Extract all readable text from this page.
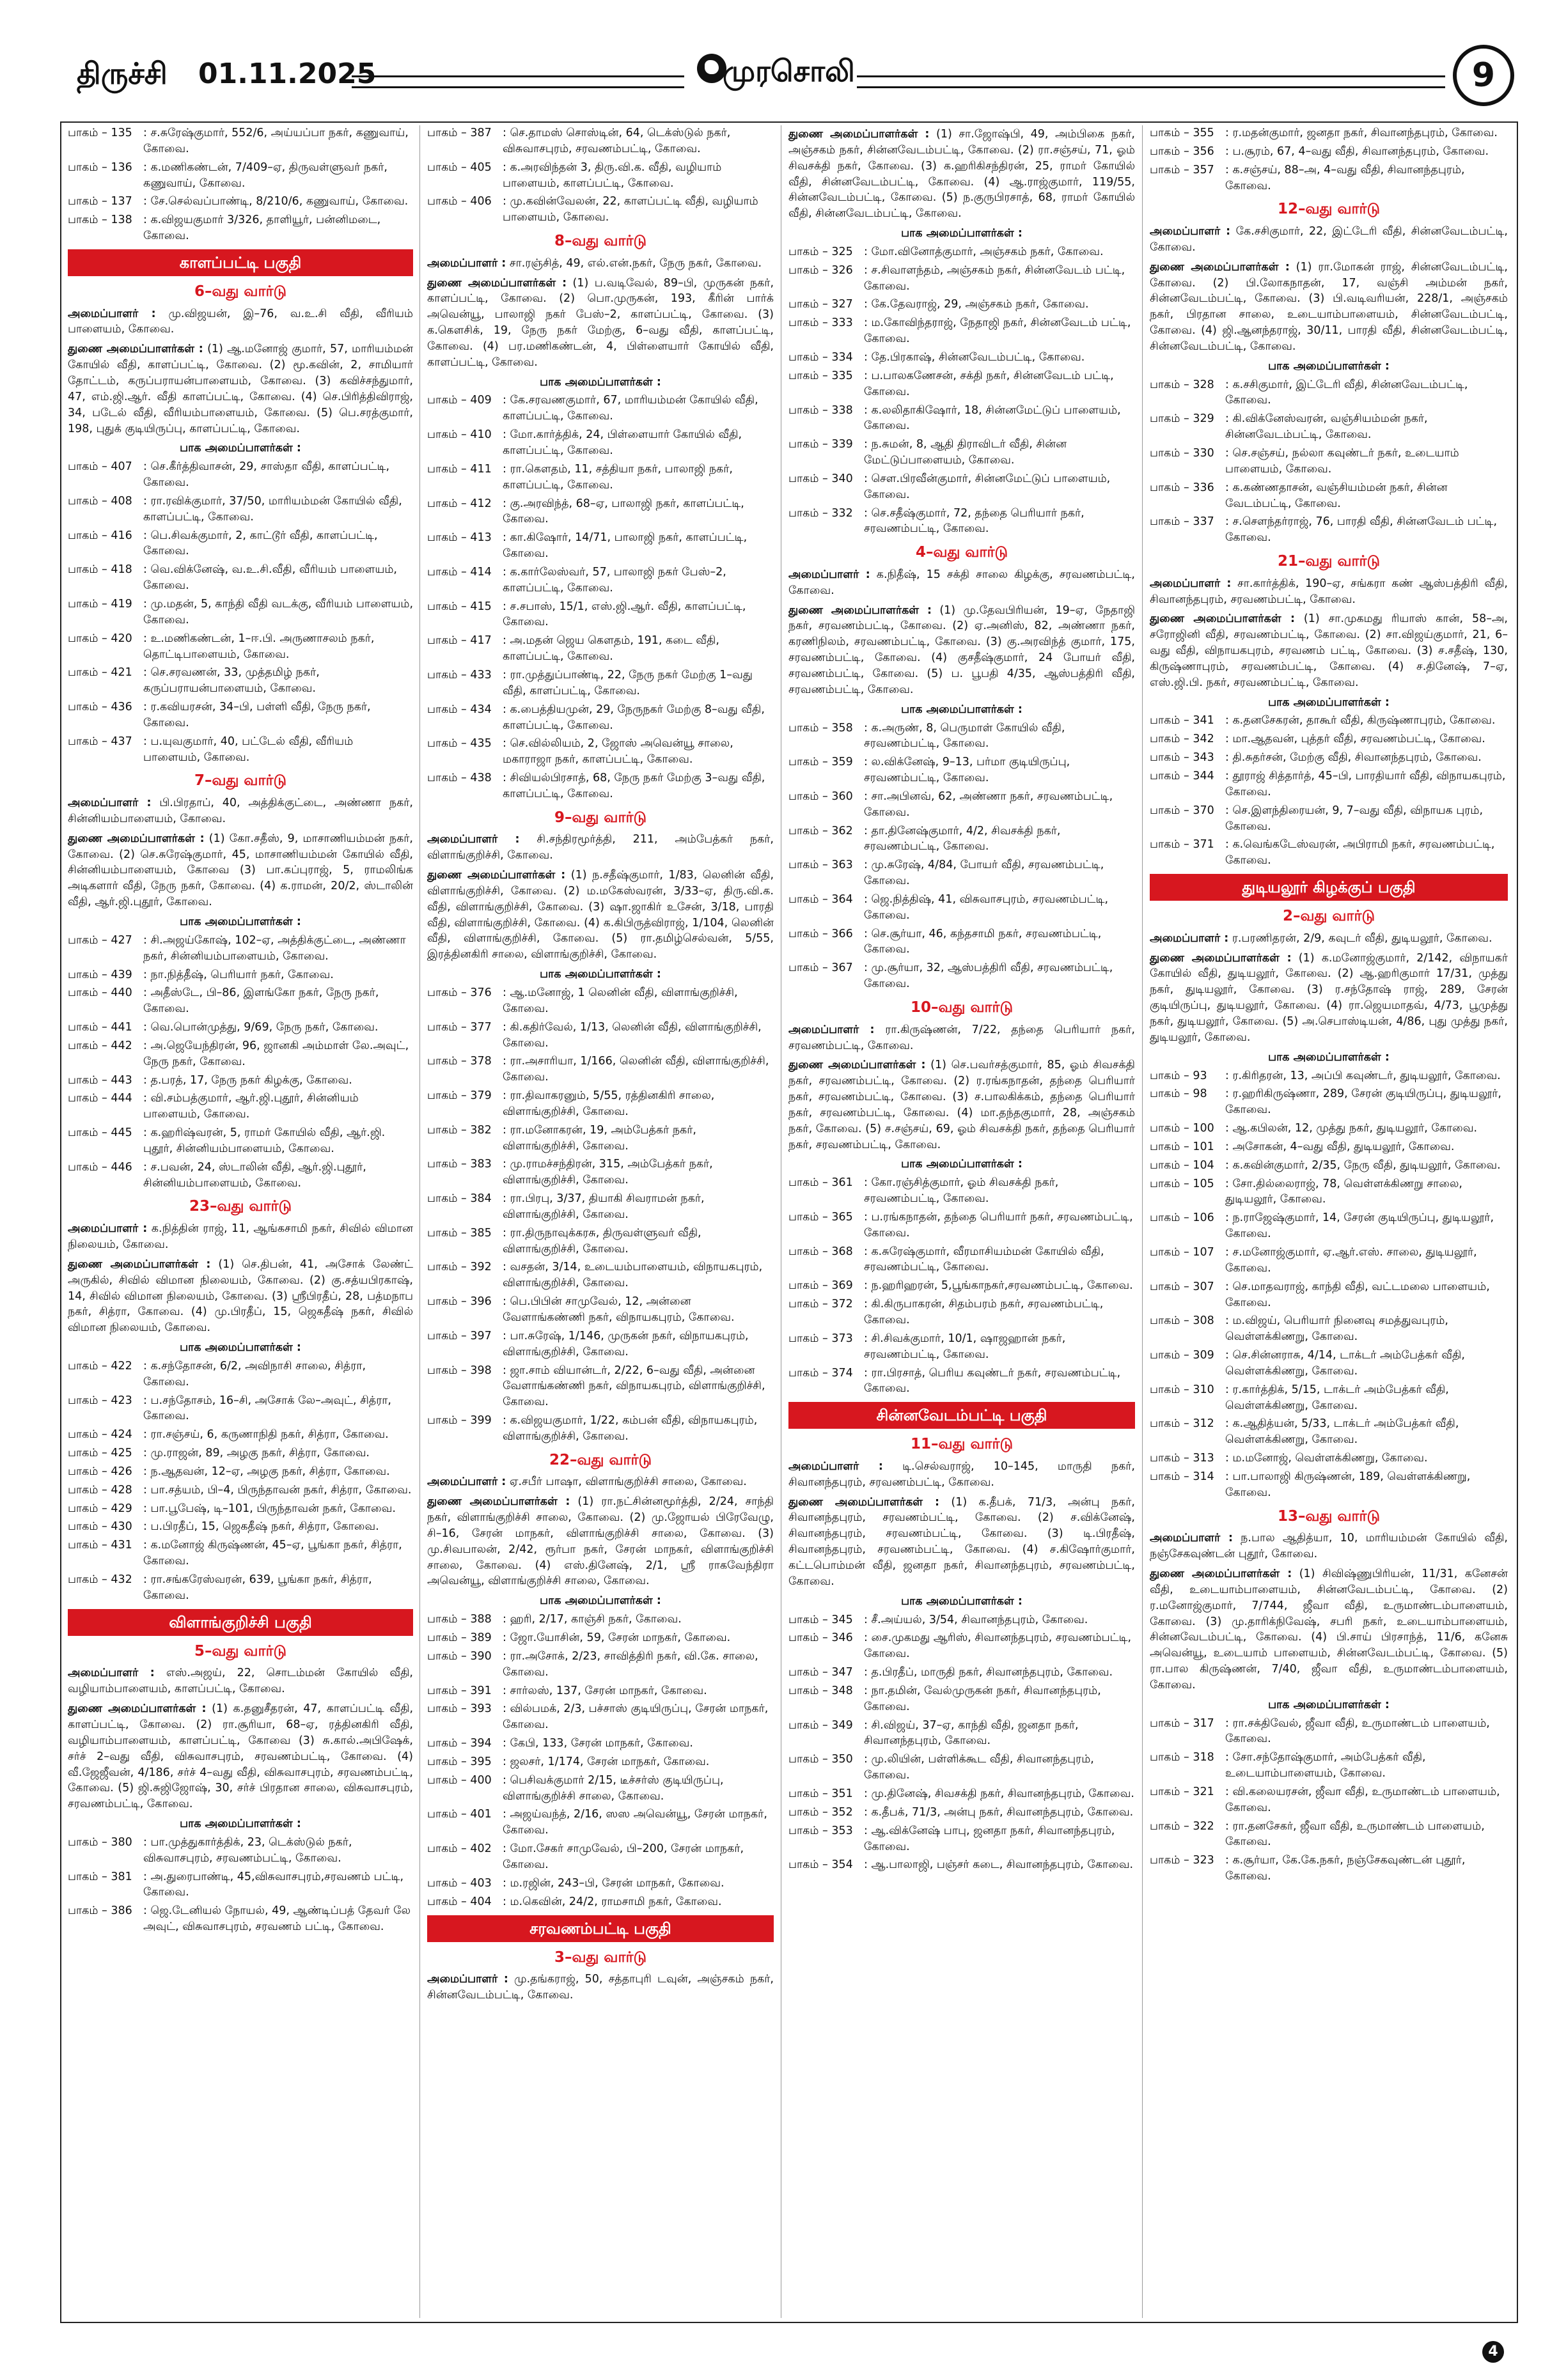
திருச்சி 01.11.2025	முரசொலி	9
பாகம் – 135 : ச.சுரேஷ்குமார், 552/6, அய்யப்பா நகர், கணுவாய், கோவை.
பாகம் – 136 : க.மணிகண்டன், 7/409–ஏ, திருவள்ளுவர் நகர், கணுவாய், கோவை.
பாகம் – 137 : சே.செல்வப்பாண்டி, 8/210/6, கணுவாய், கோவை.
பாகம் – 138 : க.விஜயகுமார் 3/326, தாளியூர், பன்னிமடை, கோவை.
காளப்பட்டி பகுதி
6–வது வார்டு
அமைப்பாளர் : மு.விஜயன், இ–76, வ.உ.சி வீதி, வீரியம் பாளையம், கோவை.
துணை அமைப்பாளர்கள் : (1) ஆ.மனோஜ் குமார், 57, மாரியம்மன் கோயில் வீதி, காளப்பட்டி, கோவை. (2) மூ.கவின், 2, சாமியார் தோட்டம், கருப்பராயன்பாளையம், கோவை. (3) கவிச்சந்துமார், 47, எம்.ஜி.ஆர். வீதி காளப்பட்டி, கோவை. (4) செ.பிரித்திவிராஜ், 34, படேல் வீதி, வீரியம்பாளையம், கோவை. (5) பெ.சரத்குமார், 198, புதுக் குடியிருப்பு, காளப்பட்டி, கோவை.
பாக அமைப்பாளர்கள் :
பாகம் – 407 : செ.கீர்த்திவாசன், 29, சாஸ்தா வீதி, காளப்பட்டி, கோவை.
பாகம் – 408 : ரா.ரவிக்குமார், 37/50, மாரியம்மன் கோயில் வீதி, காளப்பட்டி, கோவை.
பாகம் – 416 : பெ.சிவக்குமார், 2, காட்டூர் வீதி, காளப்பட்டி, கோவை.
பாகம் – 418 : வெ.விக்னேஷ், வ.உ.சி.வீதி, வீரியம் பாளையம், கோவை.
பாகம் – 419 : மு.மதன், 5, காந்தி வீதி வடக்கு, வீரியம் பாளையம், கோவை.
பாகம் – 420 : உ.மணிகண்டன், 1–ஈ.பி. அருணாசலம் நகர், தொட்டிபாளையம், கோவை.
பாகம் – 421 : செ.சரவணன், 33, முத்தமிழ் நகர், கருப்பராயன்பாளையம், கோவை.
பாகம் – 436 : ர.கவியரசன், 34–பி, பள்ளி வீதி, நேரு நகர், கோவை.
பாகம் – 437 : ப.யுவகுமார், 40, பட்டேல் வீதி, வீரியம் பாளையம், கோவை.
7–வது வார்டு
அமைப்பாளர் : பி.பிரதாப், 40, அத்திக்குட்டை, அண்ணா நகர், சின்னியம்பாளையம், கோவை.
துணை அமைப்பாளர்கள் : (1) கோ.சதீஸ், 9, மாசாணியம்மன் நகர், கோவை. (2) செ.சுரேஷ்குமார், 45, மாசாணியம்மன் கோயில் வீதி, சின்னியம்பாளையம், கோவை (3) பா.கப்புராஜ், 5, ராமலிங்க அடிகளார் வீதி, நேரு நகர், கோவை. (4) க.ராமன், 20/2, ஸ்டாலின் வீதி, ஆர்.ஜி.புதூர், கோவை.
பாக அமைப்பாளர்கள் :
பாகம் – 427 : சி.அஜய்கோஷ், 102–ஏ, அத்திக்குட்டை, அண்ணா நகர், சின்னியம்பாளையம், கோவை.
பாகம் – 439 : நா.நித்தீஷ், பெரியார் நகர், கோவை.
பாகம் – 440 : அதீஸ்டே, பி–86, இளங்கோ நகர், நேரு நகர், கோவை.
பாகம் – 441 : வெ.பொன்முத்து, 9/69, நேரு நகர், கோவை.
பாகம் – 442 : அ.ஜெயேந்திரன், 96, ஜானகி அம்மாள் லே.அவுட், நேரு நகர், கோவை.
பாகம் – 443 : த.பரத், 17, நேரு நகர் கிழக்கு, கோவை.
பாகம் – 444 : வி.சம்பத்குமார், ஆர்.ஜி.புதூர், சின்னியம் பாளையம், கோவை.
பாகம் – 445 : க.ஹரிஷ்வரன், 5, ராமர் கோயில் வீதி, ஆர்.ஜி. புதூர், சின்னியம்பாளையம், கோவை.
பாகம் – 446 : ச.பவன், 24, ஸ்டாலின் வீதி, ஆர்.ஜி.புதூர், சின்னியம்பாளையம், கோவை.
23–வது வார்டு
அமைப்பாளர் : க.நித்தின் ராஜ், 11, ஆங்கசாமி நகர், சிவில் விமான நிலையம், கோவை.
துணை அமைப்பாளர்கள் : (1) செ.திபன், 41, அசோக் லேண்ட் அருகில், சிவில் விமான நிலையம், கோவை. (2) கு.சத்யபிரகாஷ், 14, சிவில் விமான நிலையம், கோவை. (3) ஸ்ரீபிரதீப், 28, பத்மநாப நகர், சித்ரா, கோவை. (4) மு.பிரதீப், 15, ஜெகதீஷ் நகர், சிவில் விமான நிலையம், கோவை.
பாக அமைப்பாளர்கள் :
பாகம் – 422 : க.சந்தோசன், 6/2, அவிநாசி சாலை, சித்ரா, கோவை.
பாகம் – 423 : ப.சந்தோசம், 16–சி, அசோக் லே–அவுட், சித்ரா, கோவை.
பாகம் – 424 : ரா.சஞ்சய், 6, கருணாநிதி நகர், சித்ரா, கோவை.
பாகம் – 425 : மு.ராஜன், 89, அழகு நகர், சித்ரா, கோவை.
பாகம் – 426 : ந.ஆதவன், 12–ஏ, அழகு நகர், சித்ரா, கோவை.
பாகம் – 428 : பா.சத்யம், பி–4, பிருந்தாவன் நகர், சித்ரா, கோவை.
பாகம் – 429 : பா.பூபேஷ், டி–101, பிருந்தாவன் நகர், கோவை.
பாகம் – 430 : ப.பிரதீப், 15, ஜெகதீஷ் நகர், சித்ரா, கோவை.
பாகம் – 431 : க.மனோஜ் கிருஷ்ணன், 45–ஏ, பூங்கா நகர், சித்ரா, கோவை.
பாகம் – 432 : ரா.சங்கரேஸ்வரன், 639, பூங்கா நகர், சித்ரா, கோவை.
விளாங்குறிச்சி பகுதி
5–வது வார்டு
அமைப்பாளர் : எஸ்.அஜய், 22, சொடம்மன் கோயில் வீதி, வழியாம்பாளையம், காளப்பட்டி, கோவை.
துணை அமைப்பாளர்கள் : (1) க.தனுசீதரன், 47, காளப்பட்டி வீதி, காளப்பட்டி, கோவை. (2) ரா.சூரியா, 68–ஏ, ரத்தினகிரி வீதி, வழியாம்பாளையம், காளப்பட்டி, கோவை (3) சு.கால்.அபிஷேக், சர்ச் 2–வது வீதி, விசுவாசபுரம், சரவணம்பட்டி, கோவை. (4) வீ.ஜேஜீவன், 4/186, சர்ச் 4–வது வீதி, விசுவாசபுரம், சரவணம்பட்டி, கோவை. (5) ஜி.சுஜிஜோஷ், 30, சர்ச் பிரதான சாலை, விசுவாசபுரம், சரவணம்பட்டி, கோவை.
பாக அமைப்பாளர்கள் :
பாகம் – 380 : பா.முத்துகார்த்திக், 23, டெக்ஸ்டுல் நகர், விசுவாசபுரம், சரவணம்பட்டி, கோவை.
பாகம் – 381 : அ.துரைபாண்டி, 45,விசுவாசபுரம்,சரவணம் பட்டி, கோவை.
பாகம் – 386 : ஜெ.டேனியல் நோயல், 49, ஆண்டிப்பத் தேவர் லே அவுட், விசுவாசபுரம், சரவணம் பட்டி, கோவை.
பாகம் – 387 : செ.தாமஸ் சொஸ்டின், 64, டெக்ஸ்டுல் நகர், விசுவாசபுரம், சரவணம்பட்டி, கோவை.
பாகம் – 405 : க.அரவிந்தன் 3, திரு.வி.க. வீதி, வழியாம் பாளையம், காளப்பட்டி, கோவை.
பாகம் – 406 : மு.கவின்வேலன், 22, காளப்பட்டி வீதி, வழியாம் பாளையம், கோவை.
8–வது வார்டு
அமைப்பாளர் : சா.ரஞ்சித், 49, எல்.என்.நகர், நேரு நகர், கோவை.
துணை அமைப்பாளர்கள் : (1) ப.வடிவேல், 89–பி, முருகன் நகர், காளப்பட்டி, கோவை. (2) பொ.முருகன், 193, கீரின் பார்க் அவென்யூ, பாலாஜி நகர் பேஸ்–2, காளப்பட்டி, கோவை. (3) க.கௌசிக், 19, நேரு நகர் மேற்கு, 6–வது வீதி, காளப்பட்டி, கோவை. (4) பர.மணிகண்டன், 4, பிள்ளையார் கோயில் வீதி, காளப்பட்டி, கோவை.
பாக அமைப்பாளர்கள் :
பாகம் – 409 : கே.சரவணகுமார், 67, மாரியம்மன் கோயில் வீதி, காளப்பட்டி, கோவை.
பாகம் – 410 : மோ.கார்த்திக், 24, பிள்ளையார் கோயில் வீதி, காளப்பட்டி, கோவை.
பாகம் – 411 : ரா.கௌதம், 11, சத்தியா நகர், பாலாஜி நகர், காளப்பட்டி, கோவை.
பாகம் – 412 : கு.அரவிந்த், 68–ஏ, பாலாஜி நகர், காளப்பட்டி, கோவை.
பாகம் – 413 : கா.கிஷோர், 14/71, பாலாஜி நகர், காளப்பட்டி, கோவை.
பாகம் – 414 : க.கார்லேஸ்வர், 57, பாலாஜி நகர் பேஸ்–2, காளப்பட்டி, கோவை.
பாகம் – 415 : ச.சபாஸ், 15/1, எஸ்.ஜி.ஆர். வீதி, காளப்பட்டி, கோவை.
பாகம் – 417 : அ.மதன் ஜெய கௌதம், 191, கடை வீதி, காளப்பட்டி, கோவை.
பாகம் – 433 : ரா.முத்துப்பாண்டி, 22, நேரு நகர் மேற்கு 1–வது வீதி, காளப்பட்டி, கோவை.
பாகம் – 434 : க.பைத்தியமுன், 29, நேருநகர் மேற்கு 8–வது வீதி, காளப்பட்டி, கோவை.
பாகம் – 435 : செ.வில்லியம், 2, ஜோஸ் அவென்யூ சாலை, மகாராஜா நகர், காளப்பட்டி, கோவை.
பாகம் – 438 : சிவியல்பிரசாத், 68, நேரு நகர் மேற்கு 3–வது வீதி, காளப்பட்டி, கோவை.
9–வது வார்டு
அமைப்பாளர் : சி.சந்திரமூர்த்தி, 211, அம்பேத்கர் நகர், விளாங்குறிச்சி, கோவை.
துணை அமைப்பாளர்கள் : (1) ந.சதீஷ்குமார், 1/83, லெனின் வீதி, விளாங்குறிச்சி, கோவை. (2) ம.மகேஸ்வரன், 3/33–ஏ, திரு.வி.க. வீதி, விளாங்குறிச்சி, கோவை. (3) ஷா.ஜாகிர் உசேன், 3/18, பாரதி வீதி, விளாங்குறிச்சி, கோவை. (4) க.கிபிருத்விராஜ், 1/104, லெனின் வீதி, விளாங்குறிச்சி, கோவை. (5) ரா.தமிழ்செல்வன், 5/55, இரத்தினகிரி சாலை, விளாங்குறிச்சி, கோவை.
பாக அமைப்பாளர்கள் :
பாகம் – 376 : ஆ.மனோஜ், 1 லெனின் வீதி, விளாங்குறிச்சி, கோவை.
பாகம் – 377 : கி.கதிர்வேல், 1/13, லெனின் வீதி, விளாங்குறிச்சி, கோவை.
பாகம் – 378 : ரா.அசாரியா, 1/166, லெனின் வீதி, விளாங்குறிச்சி, கோவை.
பாகம் – 379 : ரா.திவாகரனும், 5/55, ரத்தினகிரி சாலை, விளாங்குறிச்சி, கோவை.
பாகம் – 382 : ரா.மனோகரன், 19, அம்பேத்கர் நகர், விளாங்குறிச்சி, கோவை.
பாகம் – 383 : மு.ராமச்சந்திரன், 315, அம்பேத்கர் நகர், விளாங்குறிச்சி, கோவை.
பாகம் – 384 : ரா.பிரபு, 3/37, தியாகி சிவராமன் நகர், விளாங்குறிச்சி, கோவை.
பாகம் – 385 : ரா.திருநாவுக்கரசு, திருவள்ளுவர் வீதி, விளாங்குறிச்சி, கோவை.
பாகம் – 392 : வசதன், 3/14, உடையம்பாளையம், விநாயகபுரம், விளாங்குறிச்சி, கோவை.
பாகம் – 396 : பெ.பிபின் சாமுவேல், 12, அன்னை வேளாங்கண்ணி நகர், விநாயகபுரம், கோவை.
பாகம் – 397 : பா.சுரேஷ், 1/146, முருகன் நகர், விநாயகபுரம், விளாங்குறிச்சி, கோவை.
பாகம் – 398 : ஜா.சாம் வியான்டர், 2/22, 6–வது வீதி, அன்னை வேளாங்கண்ணி நகர், விநாயகபுரம், விளாங்குறிச்சி, கோவை.
பாகம் – 399 : க.விஜயகுமார், 1/22, கம்பன் வீதி, விநாயகபுரம், விளாங்குறிச்சி, கோவை.
22–வது வார்டு
அமைப்பாளர் : ஏ.சபீர் பாஷா, விளாங்குறிச்சி சாலை, கோவை.
துணை அமைப்பாளர்கள் : (1) ரா.நட்சின்னமூர்த்தி, 2/24, சாந்தி நகர், விளாங்குறிச்சி சாலை, கோவை. (2) மு.ஜோயல் பிரேவேழு, சி–16, சேரன் மாநகர், விளாங்குறிச்சி சாலை, கோவை. (3) மு.சிவபாலன், 2/42, ரூர்பா நகர், சேரன் மாநகர், விளாங்குறிச்சி சாலை, கோவை. (4) எஸ்.தினேஷ், 2/1, ஸ்ரீ ராகவேந்திரா அவென்யூ, விளாங்குறிச்சி சாலை, கோவை.
பாக அமைப்பாளர்கள் :
பாகம் – 388 : ஹரி, 2/17, காஞ்சி நகர், கோவை.
பாகம் – 389 : ஜோ.யோசின், 59, சேரன் மாநகர், கோவை.
பாகம் – 390 : ரா.அசோக், 2/23, சாவித்திரி நகர், வி.கே. சாலை, கோவை.
பாகம் – 391 : சார்லஸ், 137, சேரன் மாநகர், கோவை.
பாகம் – 393 : வில்பமக், 2/3, பச்சாஸ் குடியிருப்பு, சேரன் மாநகர், கோவை.
பாகம் – 394 : கேபி, 133, சேரன் மாநகர், கோவை.
பாகம் – 395 : ஜலசர், 1/174, சேரன் மாநகர், கோவை.
பாகம் – 400 : பெசிவக்குமார் 2/15, டீச்சர்ஸ் குடியிருப்பு, விளாங்குறிச்சி சாலை, கோவை.
பாகம் – 401 : அஜய்வந்த், 2/16, ஸஸ அவென்யூ, சேரன் மாநகர், கோவை.
பாகம் – 402 : மோ.சேகர் சாமுவேல், பி–200, சேரன் மாநகர், கோவை.
பாகம் – 403 : ம.ரஜின், 243–பி, சேரன் மாநகர், கோவை.
பாகம் – 404 : ம.கெவின், 24/2, ராமசாமி நகர், கோவை.
சரவணம்பட்டி பகுதி
3–வது வார்டு
அமைப்பாளர் : மு.தங்கராஜ், 50, சத்தாபுரி டவுன், அஞ்சகம் நகர், சின்னவேடம்பட்டி, கோவை.
துணை அமைப்பாளர்கள் : (1) சா.ஜோஷ்பி, 49, அம்பிகை நகர், அஞ்சகம் நகர், சின்னவேடம்பட்டி, கோவை. (2) ரா.சஞ்சய், 71, ஓம் சிவசக்தி நகர், கோவை. (3) க.ஹரிகிசந்திரன், 25, ராமர் கோயில் வீதி, சின்னவேடம்பட்டி, கோவை. (4) ஆ.ராஜ்குமார், 119/55, சின்னவேடம்பட்டி, கோவை. (5) ந.குருபிரசாத், 68, ராமர் கோயில் வீதி, சின்னவேடம்பட்டி, கோவை.
பாக அமைப்பாளர்கள் :
பாகம் – 325 : மோ.வினோத்குமார், அஞ்சகம் நகர், கோவை.
பாகம் – 326 : ச.சிவாளந்தம், அஞ்சகம் நகர், சின்னவேடம் பட்டி, கோவை.
பாகம் – 327 : கே.தேவராஜ், 29, அஞ்சகம் நகர், கோவை.
பாகம் – 333 : ம.கோவிந்தராஜ், நேதாஜி நகர், சின்னவேடம் பட்டி, கோவை.
பாகம் – 334 : தே.பிரகாஷ், சின்னவேடம்பட்டி, கோவை.
பாகம் – 335 : ப.பாலகணேசன், சக்தி நகர், சின்னவேடம் பட்டி, கோவை.
பாகம் – 338 : க.லலிதாகிஷோர், 18, சின்னமேட்டுப் பாளையம், கோவை.
பாகம் – 339 : ந.சுமன், 8, ஆதி திராவிடர் வீதி, சின்ன மேட்டுப்பாளையம், கோவை.
பாகம் – 340 : சௌ.பிரவீன்குமார், சின்னமேட்டுப் பாளையம், கோவை.
பாகம் – 332 : செ.சதீஷ்குமார், 72, தந்தை பெரியார் நகர், சரவணம்பட்டி, கோவை.
4–வது வார்டு
அமைப்பாளர் : க.நிதீஷ், 15 சக்தி சாலை கிழக்கு, சரவணம்பட்டி, கோவை.
துணை அமைப்பாளர்கள் : (1) மு.தேவபிரியன், 19–ஏ, நேதாஜி நகர், சரவணம்பட்டி, கோவை. (2) ஏ.அனிஸ், 82, அண்ணா நகர், கரணிநிலம், சரவணம்பட்டி, கோவை. (3) கு.அரவிந்த் குமார், 175, சரவணம்பட்டி, கோவை. (4) குசதீஷ்குமார், 24 போயர் வீதி, சரவணம்பட்டி, கோவை. (5) ப. பூபதி 4/35, ஆஸ்பத்திரி வீதி, சரவணம்பட்டி, கோவை.
பாக அமைப்பாளர்கள் :
பாகம் – 358 : க.அருண், 8, பெருமாள் கோயில் வீதி, சரவணம்பட்டி, கோவை.
பாகம் – 359 : ல.விக்னேஷ், 9–13, பர்மா குடியிருப்பு, சரவணம்பட்டி, கோவை.
பாகம் – 360 : சா.அபினவ், 62, அண்ணா நகர், சரவணம்பட்டி, கோவை.
பாகம் – 362 : தா.தினேஷ்குமார், 4/2, சிவசக்தி நகர், சரவணம்பட்டி, கோவை.
பாகம் – 363 : மு.சுரேஷ், 4/84, போயர் வீதி, சரவணம்பட்டி, கோவை.
பாகம் – 364 : ஜெ.நித்திஷ், 41, விசுவாசபுரம், சரவணம்பட்டி, கோவை.
பாகம் – 366 : செ.சூர்யா, 46, கந்தசாமி நகர், சரவணம்பட்டி, கோவை.
பாகம் – 367 : மு.சூர்யா, 32, ஆஸ்பத்திரி வீதி, சரவணம்பட்டி, கோவை.
10–வது வார்டு
அமைப்பாளர் : ரா.கிருஷ்ணன், 7/22, தந்தை பெரியார் நகர், சரவணம்பட்டி, கோவை.
துணை அமைப்பாளர்கள் : (1) செ.பவர்சத்குமார், 85, ஓம் சிவசக்தி நகர், சரவணம்பட்டி, கோவை. (2) ர.ரங்கநாதன், தந்தை பெரியார் நகர், சரவணம்பட்டி, கோவை. (3) ச.பாலகிக்கம், தந்தை பெரியார் நகர், சரவணம்பட்டி, கோவை. (4) மா.தந்தகுமார், 28, அஞ்சகம் நகர், கோவை. (5) ச.சஞ்சய், 69, ஓம் சிவசக்தி நகர், தந்தை பெரியார் நகர், சரவணம்பட்டி, கோவை.
பாக அமைப்பாளர்கள் :
பாகம் – 361 : கோ.ரஞ்சித்குமார், ஓம் சிவசக்தி நகர், சரவணம்பட்டி, கோவை.
பாகம் – 365 : ப.ரங்கநாதன், தந்தை பெரியார் நகர், சரவணம்பட்டி, கோவை.
பாகம் – 368 : க.சுரேஷ்குமார், வீரமாசியம்மன் கோயில் வீதி, சரவணம்பட்டி, கோவை.
பாகம் – 369 : ந.ஹரிஹரன், 5,பூங்காநகர்,சரவணம்பட்டி, கோவை.
பாகம் – 372 : கி.கிருபாகரன், சிதம்பரம் நகர், சரவணம்பட்டி, கோவை.
பாகம் – 373 : சி.சிவக்குமார், 10/1, ஷாஜஹான் நகர், சரவணம்பட்டி, கோவை.
பாகம் – 374 : ரா.பிரசாத், பெரிய கவுண்டர் நகர், சரவணம்பட்டி, கோவை.
சின்னவேடம்பட்டி பகுதி
11–வது வார்டு
அமைப்பாளர் : டி.செல்வராஜ், 10–145, மாருதி நகர், சிவானந்தபுரம், சரவணம்பட்டி, கோவை.
துணை அமைப்பாளர்கள் : (1) க.தீபக், 71/3, அன்பு நகர், சிவானந்தபுரம், சரவணம்பட்டி, கோவை. (2) ச.விக்னேஷ், சிவானந்தபுரம், சரவணம்பட்டி, கோவை. (3) டி.பிரதீஷ், சிவானந்தபுரம், சரவணம்பட்டி, கோவை. (4) ச.கிஷோர்குமார், கட்டபொம்மன் வீதி, ஜனதா நகர், சிவானந்தபுரம், சரவணம்பட்டி, கோவை.
பாக அமைப்பாளர்கள் :
பாகம் – 345 : சீ.அய்யல், 3/54, சிவானந்தபுரம், கோவை.
பாகம் – 346 : சை.முகமது ஆரிஸ், சிவானந்தபுரம், சரவணம்பட்டி, கோவை.
பாகம் – 347 : த.பிரதீப், மாருதி நகர், சிவானந்தபுரம், கோவை.
பாகம் – 348 : நா.தமின், வேல்முருகன் நகர், சிவானந்தபுரம், கோவை.
பாகம் – 349 : சி.விஜய், 37–ஏ, காந்தி வீதி, ஜனதா நகர், சிவானந்தபுரம், கோவை.
பாகம் – 350 : மு.லியின், பள்ளிக்கூட வீதி, சிவானந்தபுரம், கோவை.
பாகம் – 351 : மு.தினேஷ், சிவசக்தி நகர், சிவானந்தபுரம், கோவை.
பாகம் – 352 : க.தீபக், 71/3, அன்பு நகர், சிவானந்தபுரம், கோவை.
பாகம் – 353 : ஆ.விக்னேஷ் பாபு, ஜனதா நகர், சிவானந்தபுரம், கோவை.
பாகம் – 354 : ஆ.பாலாஜி, பஞ்சர் கடை, சிவானந்தபுரம், கோவை.
பாகம் – 355 : ர.மதன்குமார், ஜனதா நகர், சிவானந்தபுரம், கோவை.
பாகம் – 356 : ப.சூரம், 67, 4–வது வீதி, சிவானந்தபுரம், கோவை.
பாகம் – 357 : க.சஞ்சய், 88–அ, 4–வது வீதி, சிவானந்தபுரம், கோவை.
12–வது வார்டு
அமைப்பாளர் : கே.சசிகுமார், 22, இட்டேரி வீதி, சின்னவேடம்பட்டி, கோவை.
துணை அமைப்பாளர்கள் : (1) ரா.மோகன் ராஜ், சின்னவேடம்பட்டி, கோவை. (2) பி.லோகநாதன், 17, வஞ்சி அம்மன் நகர், சின்னவேடம்பட்டி, கோவை. (3) பி.வடிவரியன், 228/1, அஞ்சகம் நகர், பிரதான சாலை, உடையாம்பாளையம், சின்னவேடம்பட்டி, கோவை. (4) ஜி.ஆனந்தராஜ், 30/11, பாரதி வீதி, சின்னவேடம்பட்டி, சின்னவேடம்பட்டி, கோவை.
பாக அமைப்பாளர்கள் :
பாகம் – 328 : க.சசிகுமார், இட்டேரி வீதி, சின்னவேடம்பட்டி, கோவை.
பாகம் – 329 : கி.விக்னேஸ்வரன், வஞ்சியம்மன் நகர், சின்னவேடம்பட்டி, கோவை.
பாகம் – 330 : செ.சஞ்சய், நல்லா கவுண்டர் நகர், உடையாம் பாளையம், கோவை.
பாகம் – 336 : க.கண்ணதாசன், வஞ்சியம்மன் நகர், சின்ன வேடம்பட்டி, கோவை.
பாகம் – 337 : ச.சௌந்தர்ராஜ், 76, பாரதி வீதி, சின்னவேடம் பட்டி, கோவை.
21–வது வார்டு
அமைப்பாளர் : சா.கார்த்திக், 190–ஏ, சங்கரா கண் ஆஸ்பத்திரி வீதி, சிவானந்தபுரம், சரவணம்பட்டி, கோவை.
துணை அமைப்பாளர்கள் : (1) சா.முகமது ரியாஸ் கான், 58–அ, சரோஜினி வீதி, சரவணம்பட்டி, கோவை. (2) சா.விஜய்குமார், 21, 6–வது வீதி, விநாயகபுரம், சரவணம் பட்டி, கோவை. (3) ச.சதீஷ், 130, கிருஷ்ணாபுரம், சரவணம்பட்டி, கோவை. (4) ச.தினேஷ், 7–ஏ, எஸ்.ஜி.பி. நகர், சரவணம்பட்டி, கோவை.
பாக அமைப்பாளர்கள் :
பாகம் – 341 : க.தனசேகரன், தாகூர் வீதி, கிருஷ்ணாபுரம், கோவை.
பாகம் – 342 : மா.ஆதவன், புத்தர் வீதி, சரவணம்பட்டி, கோவை.
பாகம் – 343 : தி.சுதர்சன், மேற்கு வீதி, சிவானந்தபுரம், கோவை.
பாகம் – 344 : தூராஜ் சித்தார்த், 45–பி, பாரதியார் வீதி, விநாயகபுரம், கோவை.
பாகம் – 370 : செ.இளந்திரையன், 9, 7–வது வீதி, விநாயக புரம், கோவை.
பாகம் – 371 : க.வெங்கடேஸ்வரன், அபிராமி நகர், சரவணம்பட்டி, கோவை.
துடியலூர் கிழக்குப் பகுதி
2–வது வார்டு
அமைப்பாளர் : ர.பரணிதரன், 2/9, கவுடர் வீதி, துடியலூர், கோவை.
துணை அமைப்பாளர்கள் : (1) க.மனோஜ்குமார், 2/142, விநாயகர் கோயில் வீதி, துடியலூர், கோவை. (2) ஆ.ஹரிகுமார் 17/31, முத்து நகர், துடியலூர், கோவை. (3) ர.சந்தோஷ் ராஜ், 289, சேரன் குடியிருப்பு, துடியலூர், கோவை. (4) ரா.ஜெயமாதவ், 4/73, பூமுத்து நகர், துடியலூர், கோவை. (5) அ.செபாஸ்டியன், 4/86, புது முத்து நகர், துடியலூர், கோவை.
பாக அமைப்பாளர்கள் :
பாகம் – 93	: ர.கிரிதரன், 13, அப்பி கவுண்டர், துடியலூர், கோவை.
பாகம் – 98	: ர.ஹரிகிருஷ்ணா, 289, சேரன் குடியிருப்பு, துடியலூர், கோவை.
பாகம் – 100 : ஆ.கபிலன், 12, முத்து நகர், துடியலூர், கோவை.
பாகம் – 101 : அசோகன், 4–வது வீதி, துடியலூர், கோவை.
பாகம் – 104 : க.கவின்குமார், 2/35, நேரு வீதி, துடியலூர், கோவை.
பாகம் – 105 : சோ.தில்லைராஜ், 78, வெள்ளக்கிணறு சாலை, துடியலூர், கோவை.
பாகம் – 106 : ந.ராஜேஷ்குமார், 14, சேரன் குடியிருப்பு, துடியலூர், கோவை.
பாகம் – 107 : ச.மனோஜ்குமார், ஏ.ஆர்.எஸ். சாலை, துடியலூர், கோவை.
பாகம் – 307 : செ.மாதவராஜ், காந்தி வீதி, வட்டமலை பாளையம், கோவை.
பாகம் – 308 : ம.விஜய், பெரியார் நினைவு சமத்துவபுரம், வெள்ளக்கிணறு, கோவை.
பாகம் – 309 : செ.சின்னராசு, 4/14, டாக்டர் அம்பேத்கர் வீதி, வெள்ளக்கிணறு, கோவை.
பாகம் – 310 : ர.கார்த்திக், 5/15, டாக்டர் அம்பேத்கர் வீதி, வெள்ளக்கிணறு, கோவை.
பாகம் – 312 : க.ஆதித்யன், 5/33, டாக்டர் அம்பேத்கர் வீதி, வெள்ளக்கிணறு, கோவை.
பாகம் – 313 : ம.மனோஜ், வெள்ளக்கிணறு, கோவை.
பாகம் – 314 : பா.பாலாஜி கிருஷ்ணன், 189, வெள்ளக்கிணறு, கோவை.
13–வது வார்டு
அமைப்பாளர் : ந.பால ஆதித்யா, 10, மாரியம்மன் கோயில் வீதி, நஞ்சேகவுண்டன் புதூர், கோவை.
துணை அமைப்பாளர்கள் : (1) சிவிஷ்ணுபிரியன், 11/31, கனேசன் வீதி, உடையாம்பாளையம், சின்னவேடம்பட்டி, கோவை. (2) ர.மனோஜ்குமார், 7/744, ஜீவா வீதி, உருமாண்டம்பாளையம், கோவை. (3) மு.தாரிக்நிவேஷ், சபரி நகர், உடையாம்பாளையம், சின்னவேடம்பட்டி, கோவை. (4) பி.சாய் பிரசாந்த், 11/6, கனேசு அவென்யூ, உடையாம் பாளையம், சின்னவேடம்பட்டி, கோவை. (5) ரா.பால கிருஷ்ணன், 7/40, ஜீவா வீதி, உருமாண்டம்பாளையம், கோவை.
பாக அமைப்பாளர்கள் :
பாகம் – 317 : ரா.சக்திவேல், ஜீவா வீதி, உருமாண்டம் பாளையம், கோவை.
பாகம் – 318 : சோ.சந்தோஷ்குமார், அம்பேத்கர் வீதி, உடையாம்பாளையம், கோவை.
பாகம் – 321 : வி.கலையரசன், ஜீவா வீதி, உருமாண்டம் பாளையம், கோவை.
பாகம் – 322 : ரா.தனசேகர், ஜீவா வீதி, உருமாண்டம் பாளையம், கோவை.
பாகம் – 323 : க.சூர்யா, கே.கே.நகர், நஞ்சேகவுண்டன் புதூர், கோவை.
4
